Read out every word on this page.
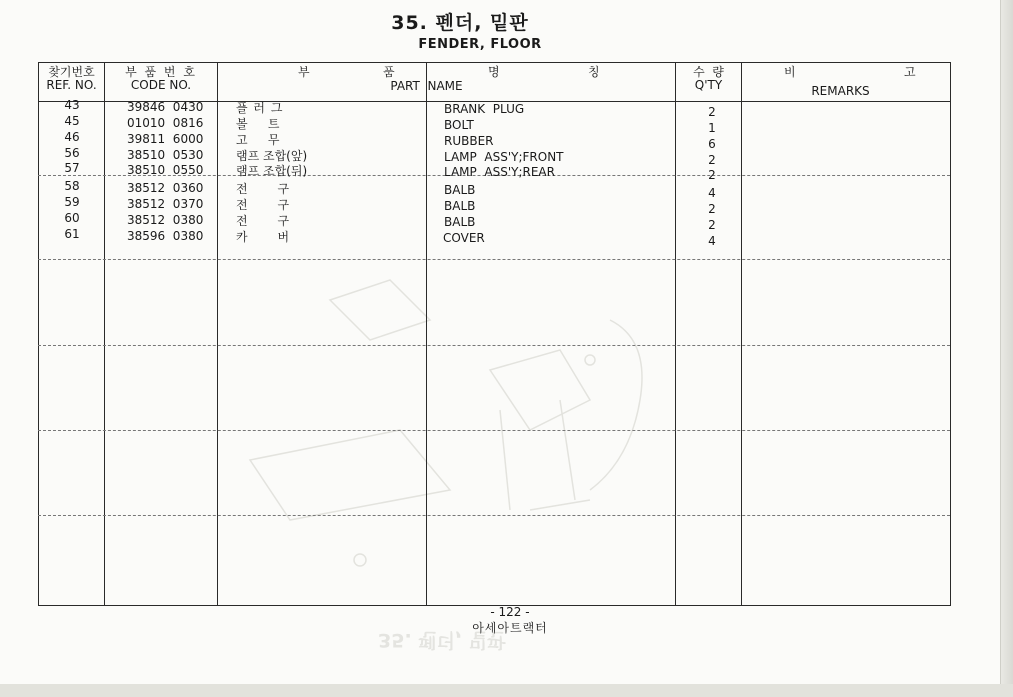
35. 펜더, 밑판
35. 펜더, 밑판
FENDER, FLOOR
찾기번호
REF. NO.
부 품 번 호
CODE NO.
부	품	명	칭
PART  NAME
수  량
Q'TY
비	고
REMARKS
43	39846  0430	플 러 그	BRANK  PLUG	2
45	01010  0816	볼    트	BOLT	1
46	39811  6000	고    무	RUBBER	6
56	38510  0530	램프 조합(앞)	LAMP  ASS'Y;FRONT	2
57	38510  0550	램프 조합(뒤)	LAMP  ASS'Y;REAR	2
58	38512  0360	전      구	BALB	4
59	38512  0370	전      구	BALB	2
60	38512  0380	전      구	BALB	2
61	38596  0380	카      버	COVER	4
- 122 -
아세아트랙터
